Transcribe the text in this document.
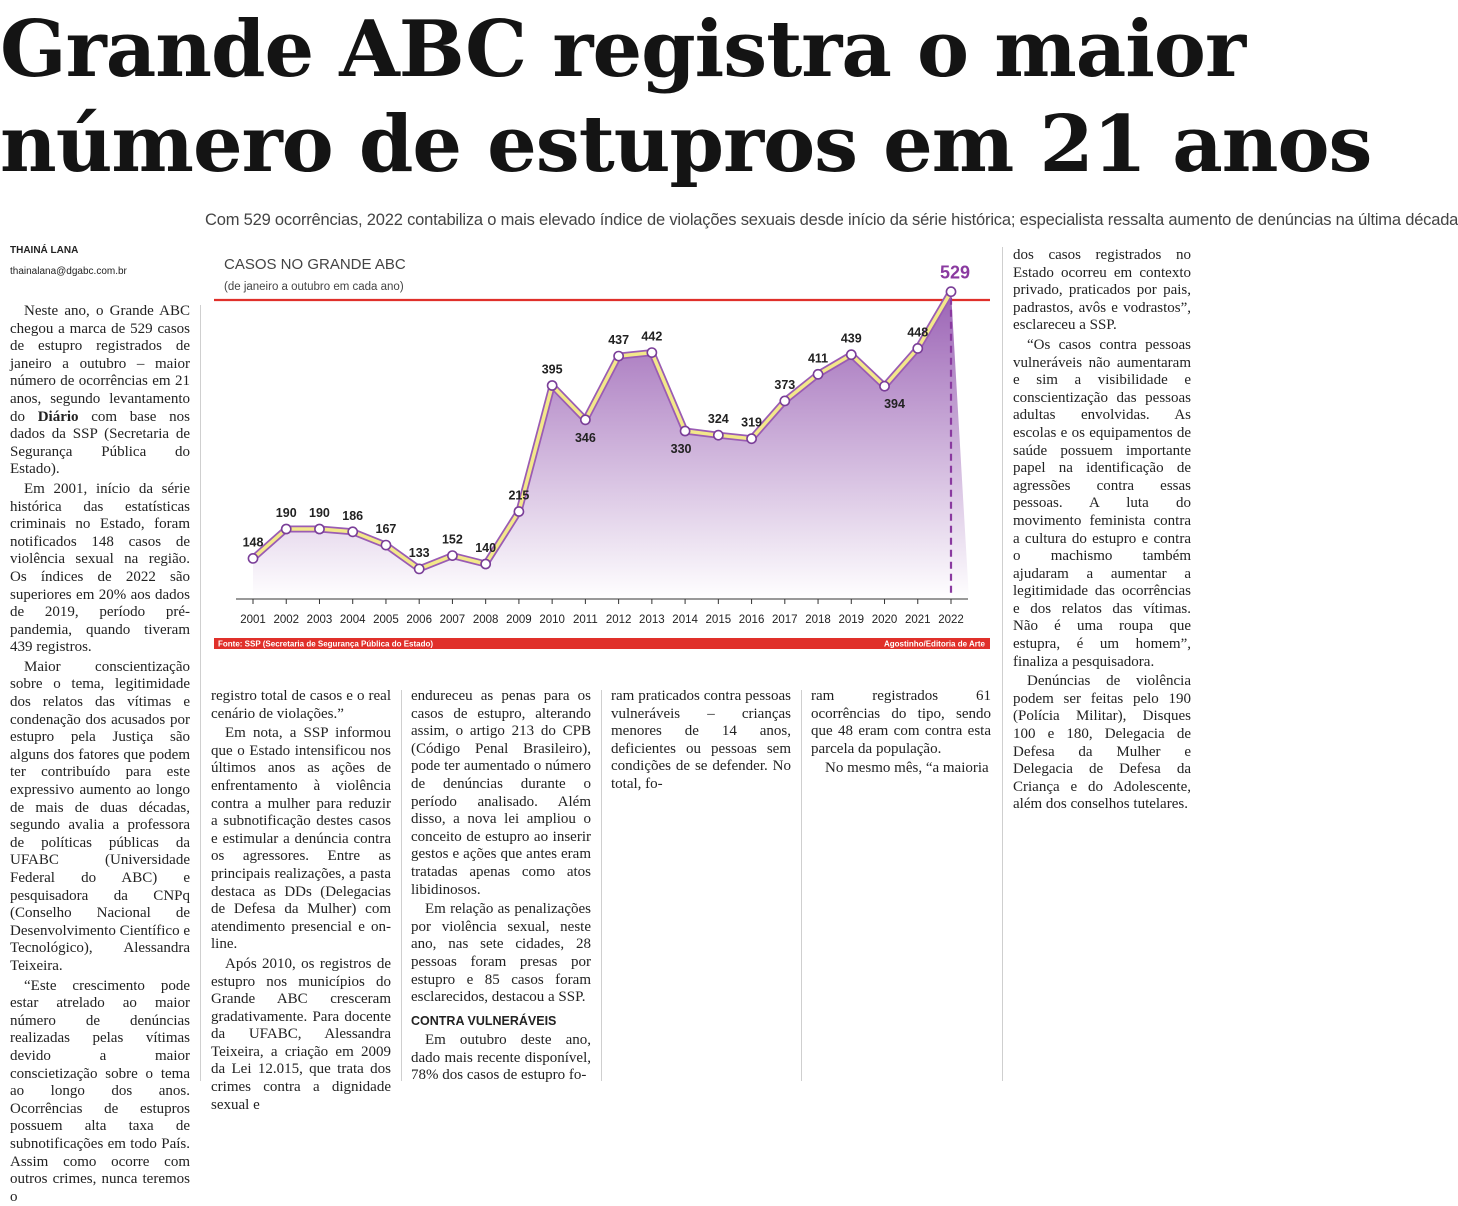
Grande ABC registra o maior
número de estupros em 21 anos
Com 529 ocorrências, 2022 contabiliza o mais elevado índice de violações sexuais desde início da série histórica; especialista ressalta aumento de denúncias na última década
THAINÁ LANA
thainalana@dgabc.com.br

Neste ano, o Grande ABC chegou a marca de 529 casos de estupro registrados de janeiro a outubro – maior número de ocorrências em 21 anos, segundo levantamento do Diário com base nos dados da SSP (Secretaria de Segurança Pública do Estado).

Em 2001, início da série histórica das estatísticas criminais no Estado, foram notificados 148 casos de violência sexual na região. Os índices de 2022 são superiores em 20% aos dados de 2019, período pré-pandemia, quando tiveram 439 registros.

Maior conscientização sobre o tema, legitimidade dos relatos das vítimas e condenação dos acusados por estupro pela Justiça são alguns dos fatores que podem ter contribuído para este expressivo aumento ao longo de mais de duas décadas, segundo avalia a professora de políticas públicas da UFABC (Universidade Federal do ABC) e pesquisadora da CNPq (Conselho Nacional de Desenvolvimento Científico e Tecnológico), Alessandra Teixeira.

“Este crescimento pode estar atrelado ao maior número de denúncias realizadas pelas vítimas devido a maior conscietização sobre o tema ao longo dos anos. Ocorrências de estupros possuem alta taxa de subnotificações em todo País. Assim como ocorre com outros crimes, nunca teremos o

CASOS NO GRANDE ABC
(de janeiro a outubro em cada ano)
148
190 190 186
167
133
152
140
215
395
346
437 442
330
324 319
373
411
439
394
448
529
2001 2002 2003 2004 2005 2006 2007 2008 2009 2010 2011 2012 2013 2014 2015 2016 2017 2018 2019 2020 2021 2022
Fonte: SSP (Secretaria de Segurança Pública do Estado)	Agostinho/Editoria de Arte

registro total de casos e o real cenário de violações.”

Em nota, a SSP informou que o Estado intensificou nos últimos anos as ações de enfrentamento à violência contra a mulher para reduzir a subnotificação destes casos e estimular a denúncia contra os agressores. Entre as principais realizações, a pasta destaca as DDs (Delegacias de Defesa da Mulher) com atendimento presencial e on-line.

Após 2010, os registros de estupro nos municípios do Grande ABC cresceram gradativamente. Para docente da UFABC, Alessandra Teixeira, a criação em 2009 da Lei 12.015, que trata dos crimes contra a dignidade sexual e

endureceu as penas para os casos de estupro, alterando assim, o artigo 213 do CPB (Código Penal Brasileiro), pode ter aumentado o número de denúncias durante o período analisado. Além disso, a nova lei ampliou o conceito de estupro ao inserir gestos e ações que antes eram tratadas apenas como atos libidinosos.

Em relação as penalizações por violência sexual, neste ano, nas sete cidades, 28 pessoas foram presas por estupro e 85 casos foram esclarecidos, destacou a SSP.

CONTRA VULNERÁVEIS

Em outubro deste ano, dado mais recente disponível, 78% dos casos de estupro fo-

ram praticados contra pessoas vulneráveis – crianças menores de 14 anos, deficientes ou pessoas sem condições de se defender. No total, fo-

ram registrados 61 ocorrências do tipo, sendo que 48 eram com contra esta parcela da população.

No mesmo mês, “a maioria

dos casos registrados no Estado ocorreu em contexto privado, praticados por pais, padrastos, avôs e vodrastos”, esclareceu a SSP.

“Os casos contra pessoas vulneráveis não aumentaram e sim a visibilidade e conscientização das pessoas adultas envolvidas. As escolas e os equipamentos de saúde possuem importante papel na identificação de agressões contra essas pessoas. A luta do movimento feminista contra a cultura do estupro e contra o machismo também ajudaram a aumentar a legitimidade das ocorrências e dos relatos das vítimas. Não é uma roupa que estupra, é um homem”, finaliza a pesquisadora.

Denúncias de violência podem ser feitas pelo 190 (Polícia Militar), Disques 100 e 180, Delegacia de Defesa da Mulher e Delegacia de Defesa da Criança e do Adolescente, além dos conselhos tutelares.
